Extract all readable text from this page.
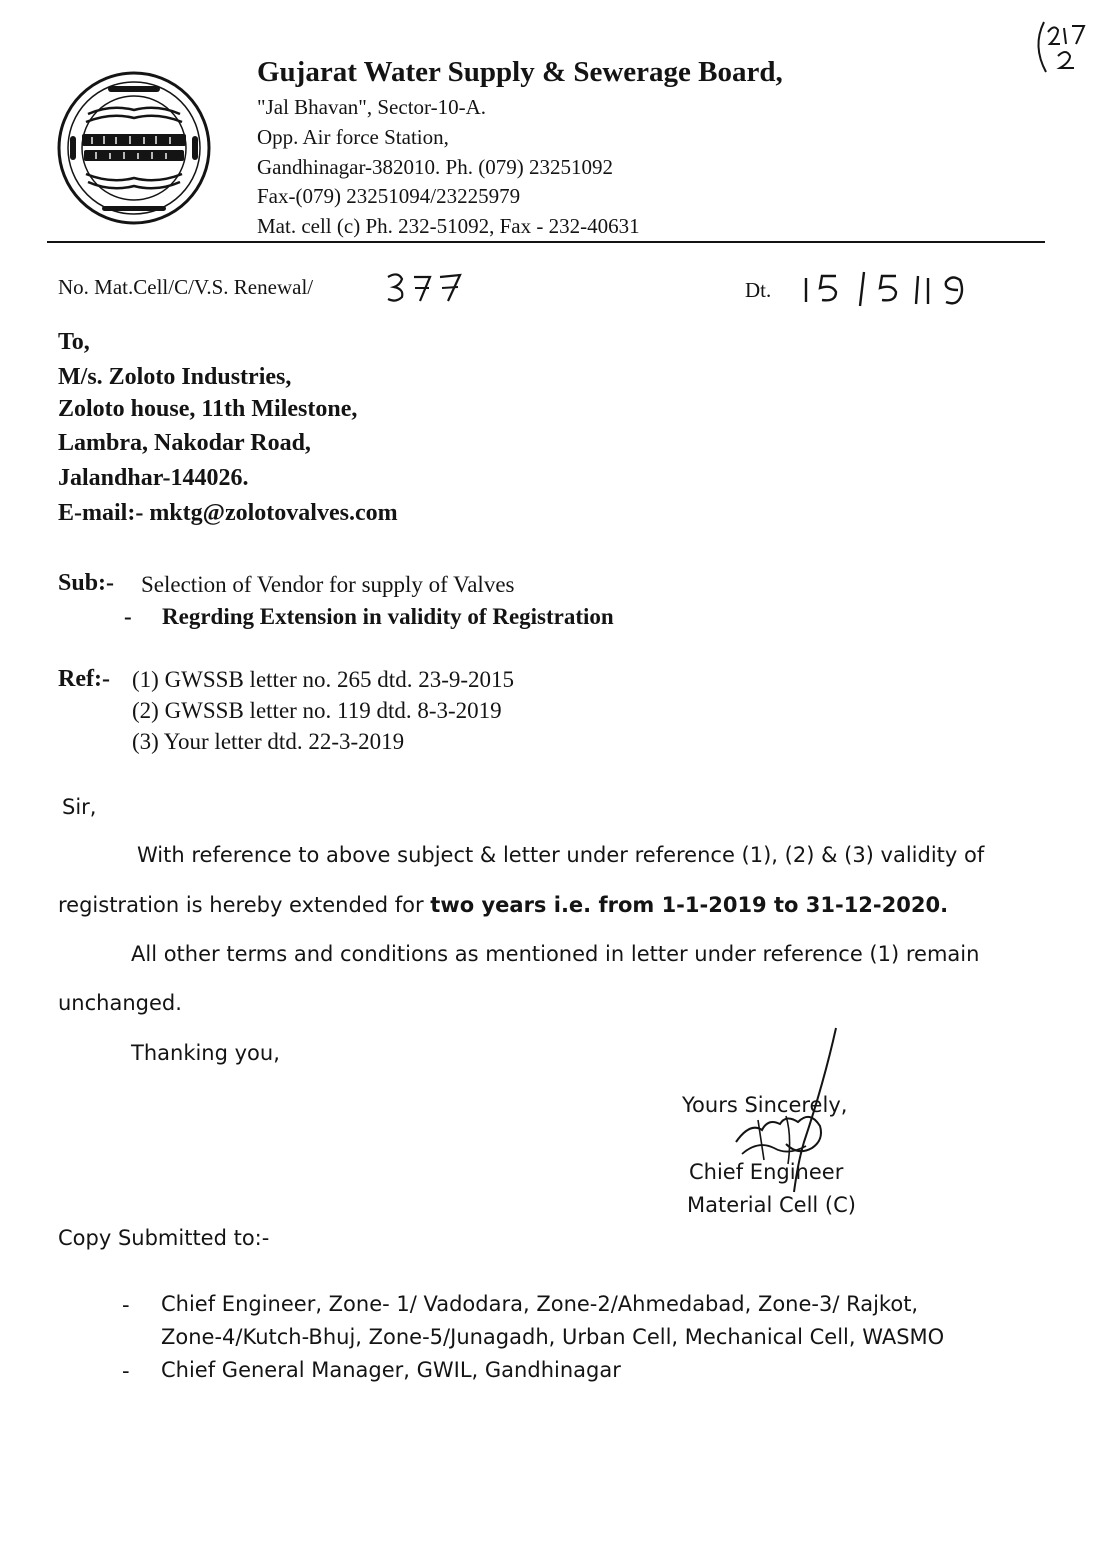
Gujarat Water Supply & Sewerage Board,
"Jal Bhavan", Sector-10-A.
Opp. Air force Station,
Gandhinagar-382010. Ph. (079) 23251092
Fax-(079) 23251094/23225979
Mat. cell (c) Ph. 232-51092, Fax - 232-40631
No. Mat.Cell/C/V.S. Renewal/	Dt.
To,
M/s. Zoloto Industries,
Zoloto house, 11th Milestone,
Lambra, Nakodar Road,
Jalandhar-144026.
E-mail:- mktg@zolotovalves.com
Sub:- Selection of Vendor for supply of Valves
- Regrding Extension in validity of Registration
Ref:- (1) GWSSB letter no. 265 dtd. 23-9-2015
(2) GWSSB letter no. 119 dtd. 8-3-2019
(3) Your letter dtd. 22-3-2019
Sir,
With reference to above subject & letter under reference (1), (2) & (3) validity of
registration is hereby extended for two years i.e. from 1-1-2019 to 31-12-2020.
All other terms and conditions as mentioned in letter under reference (1) remain
unchanged.
Thanking you,
Yours Sincerely,
Chief Engineer
Material Cell (C)
Copy Submitted to:-
- Chief Engineer, Zone- 1/ Vadodara, Zone-2/Ahmedabad, Zone-3/ Rajkot,
Zone-4/Kutch-Bhuj, Zone-5/Junagadh, Urban Cell, Mechanical Cell, WASMO
- Chief General Manager, GWIL, Gandhinagar
